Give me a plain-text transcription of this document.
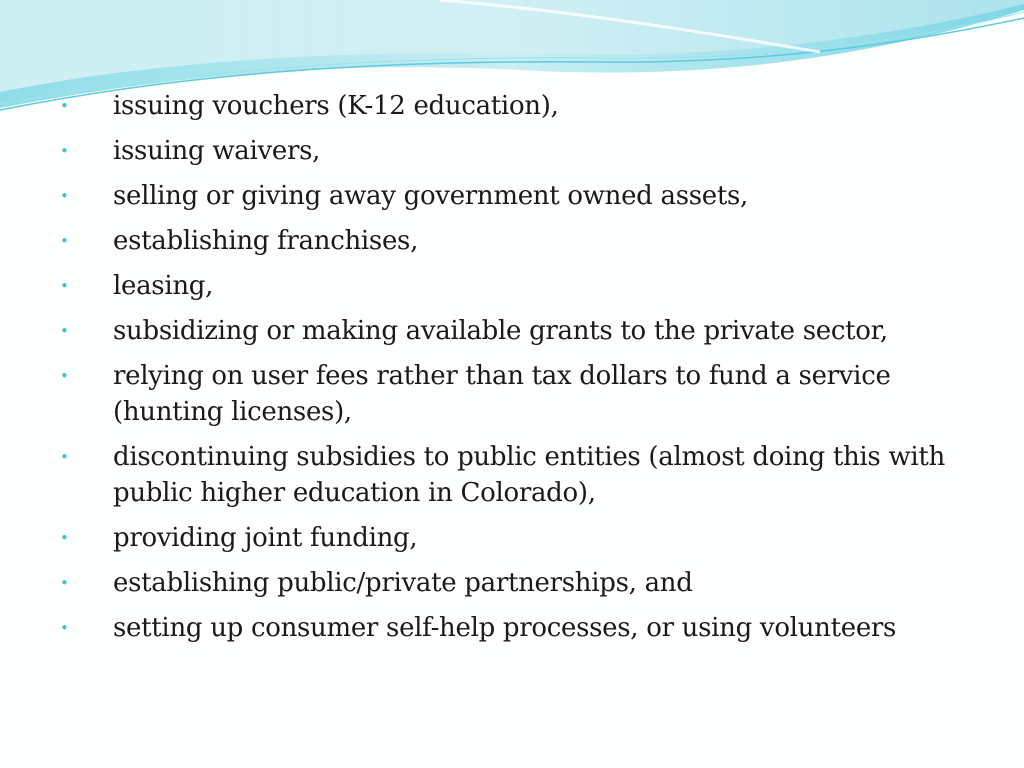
•	issuing vouchers (K-12 education),
•	issuing waivers,
•	selling or giving away government owned assets,
•	establishing franchises,
•	leasing,
•	subsidizing or making available grants to the private sector,
•	relying on user fees rather than tax dollars to fund a service (hunting licenses),
•	discontinuing subsidies to public entities (almost doing this with public higher education in Colorado),
•	providing joint funding,
•	establishing public/private partnerships, and
•	setting up consumer self-help processes, or using volunteers
